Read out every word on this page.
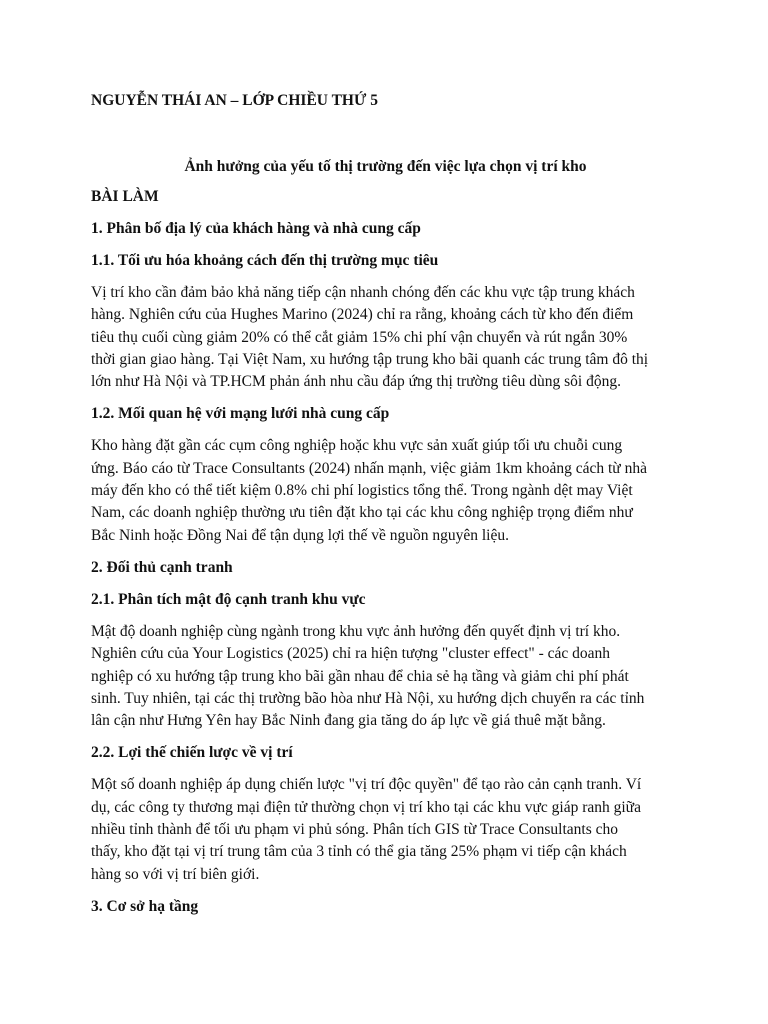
NGUYỄN THÁI AN – LỚP CHIỀU THỨ 5
Ảnh hưởng của yếu tố thị trường đến việc lựa chọn vị trí kho
BÀI LÀM
1. Phân bố địa lý của khách hàng và nhà cung cấp
1.1. Tối ưu hóa khoảng cách đến thị trường mục tiêu
Vị trí kho cần đảm bảo khả năng tiếp cận nhanh chóng đến các khu vực tập trung khách
hàng. Nghiên cứu của Hughes Marino (2024) chỉ ra rằng, khoảng cách từ kho đến điểm
tiêu thụ cuối cùng giảm 20% có thể cắt giảm 15% chi phí vận chuyển và rút ngắn 30%
thời gian giao hàng. Tại Việt Nam, xu hướng tập trung kho bãi quanh các trung tâm đô thị
lớn như Hà Nội và TP.HCM phản ánh nhu cầu đáp ứng thị trường tiêu dùng sôi động.
1.2. Mối quan hệ với mạng lưới nhà cung cấp
Kho hàng đặt gần các cụm công nghiệp hoặc khu vực sản xuất giúp tối ưu chuỗi cung
ứng. Báo cáo từ Trace Consultants (2024) nhấn mạnh, việc giảm 1km khoảng cách từ nhà
máy đến kho có thể tiết kiệm 0.8% chi phí logistics tổng thể. Trong ngành dệt may Việt
Nam, các doanh nghiệp thường ưu tiên đặt kho tại các khu công nghiệp trọng điểm như
Bắc Ninh hoặc Đồng Nai để tận dụng lợi thế về nguồn nguyên liệu.
2. Đối thủ cạnh tranh
2.1. Phân tích mật độ cạnh tranh khu vực
Mật độ doanh nghiệp cùng ngành trong khu vực ảnh hưởng đến quyết định vị trí kho.
Nghiên cứu của Your Logistics (2025) chỉ ra hiện tượng "cluster effect" - các doanh
nghiệp có xu hướng tập trung kho bãi gần nhau để chia sẻ hạ tầng và giảm chi phí phát
sinh. Tuy nhiên, tại các thị trường bão hòa như Hà Nội, xu hướng dịch chuyển ra các tỉnh
lân cận như Hưng Yên hay Bắc Ninh đang gia tăng do áp lực về giá thuê mặt bằng.
2.2. Lợi thế chiến lược về vị trí
Một số doanh nghiệp áp dụng chiến lược "vị trí độc quyền" để tạo rào cản cạnh tranh. Ví
dụ, các công ty thương mại điện tử thường chọn vị trí kho tại các khu vực giáp ranh giữa
nhiều tỉnh thành để tối ưu phạm vi phủ sóng. Phân tích GIS từ Trace Consultants cho
thấy, kho đặt tại vị trí trung tâm của 3 tỉnh có thể gia tăng 25% phạm vi tiếp cận khách
hàng so với vị trí biên giới.
3. Cơ sở hạ tầng
